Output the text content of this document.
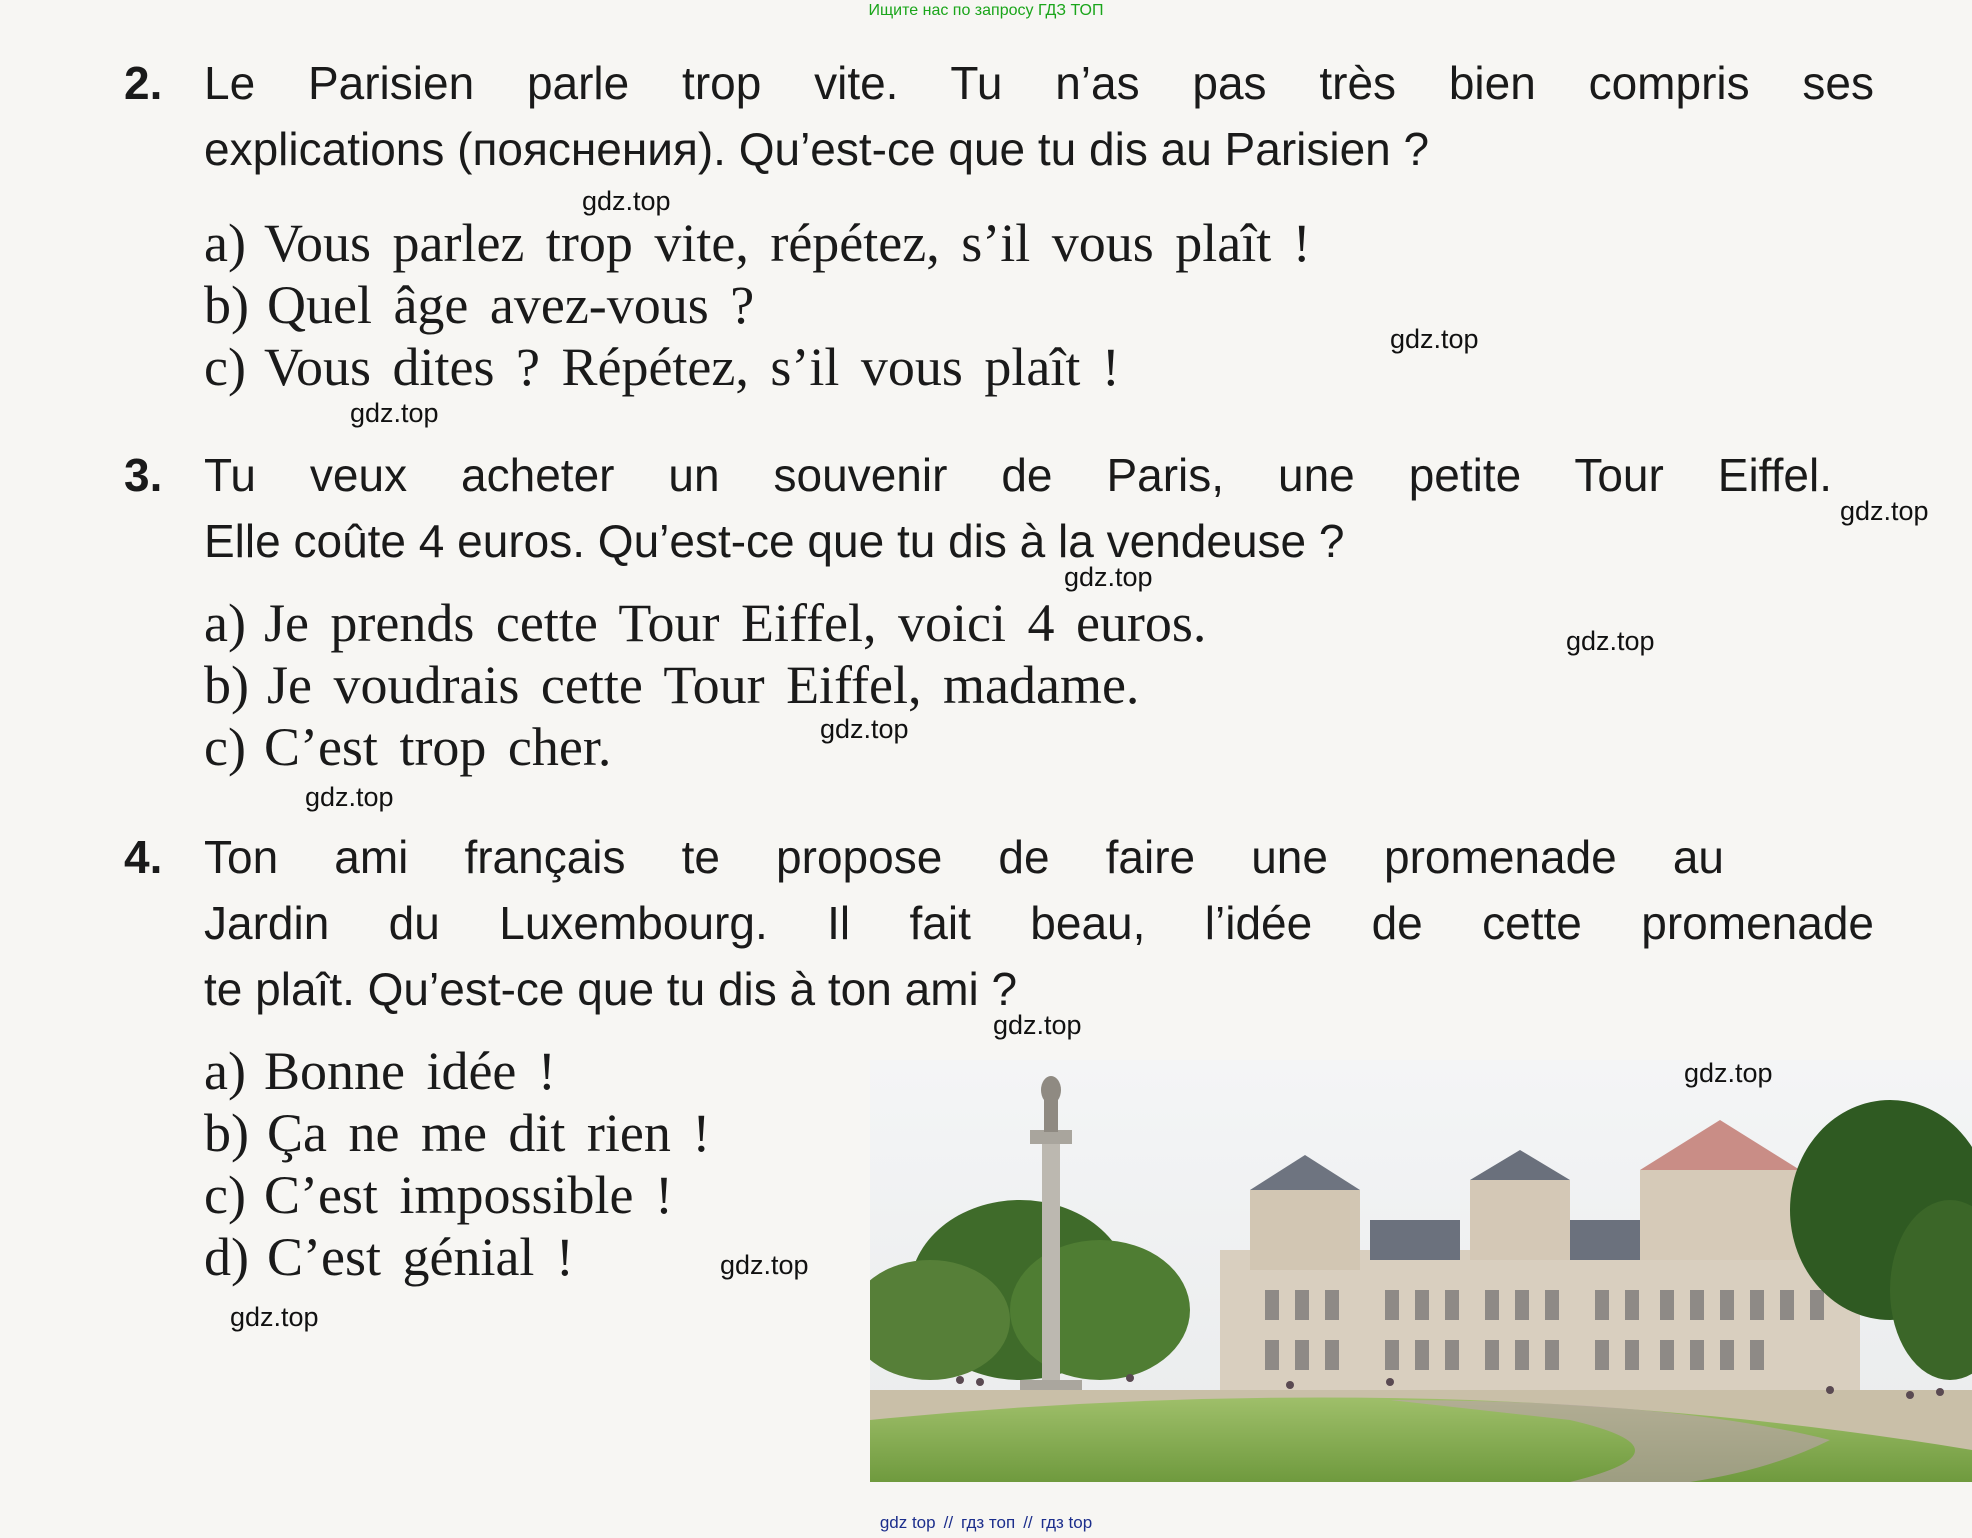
Ищите нас по запросу ГДЗ ТОП

2. Le Parisien parle trop vite. Tu n’as pas très bien compris ses
explications (пояснения). Qu’est-ce que tu dis au Parisien ?
a) Vous parlez trop vite, répétez, s’il vous plaît !
b) Quel âge avez-vous ?
c) Vous dites ? Répétez, s’il vous plaît !
3. Tu veux acheter un souvenir de Paris, une petite Tour Eiffel.
Elle coûte 4 euros. Qu’est-ce que tu dis à la vendeuse ?
a) Je prends cette Tour Eiffel, voici 4 euros.
b) Je voudrais cette Tour Eiffel, madame.
c) C’est trop cher.
4. Ton ami français te propose de faire une promenade au
Jardin du Luxembourg. Il fait beau, l’idée de cette promenade
te plaît. Qu’est-ce que tu dis à ton ami ?
a) Bonne idée !
b) Ça ne me dit rien !
c) C’est impossible !
d) C’est génial !
gdz.top
gdz.top
gdz.top
gdz.top
gdz.top
gdz.top
gdz.top
gdz.top
gdz.top
gdz.top
gdz.top
gdz.top
gdz top // гдз топ // гдз top
